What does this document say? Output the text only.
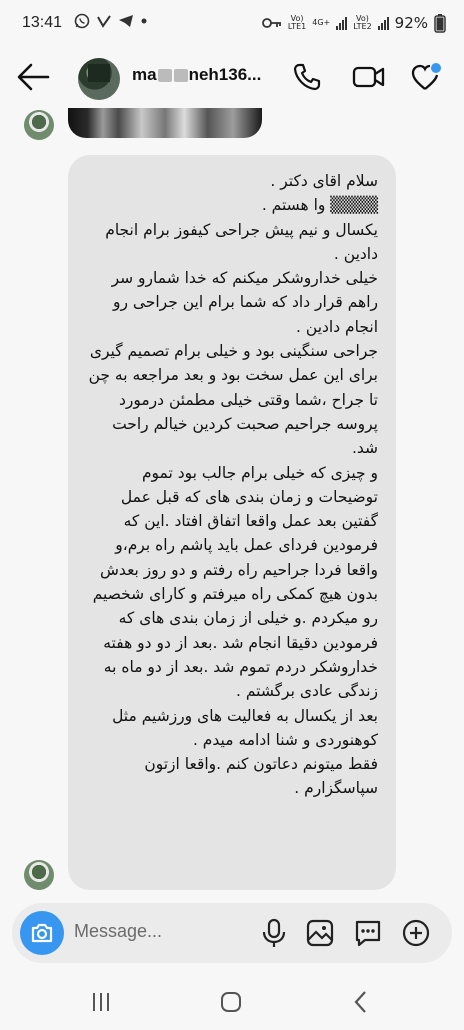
13:41	Vo)
LTE1 4G+	Vo)
LTE2 92%
ma neh136...
سلام اقای دکتر .
▒▒▒▒ وا هستم .
یکسال و نیم پیش جراحی کیفوز برام انجام دادین .
خیلی خداروشکر میکنم که خدا شمارو سر راهم قرار داد که شما برام این جراحی رو انجام دادین .
جراحی سنگینی بود و خیلی برام تصمیم گیری برای این عمل سخت بود و بعد مراجعه به چن تا جراح ،شما وقتی خیلی مطمئن درمورد پروسه جراحیم صحبت کردین خیالم راحت شد.
و چیزی که خیلی برام جالب بود تموم توضیحات و زمان بندی های که قبل عمل گفتین بعد عمل واقعا اتفاق افتاد .این که فرمودین فردای عمل باید پاشم راه برم،و واقعا فردا جراحیم راه رفتم و دو روز بعدش بدون هیچ کمکی راه میرفتم و کارای شخصیم رو میکردم .و خیلی از زمان بندی های که فرمودین دقیقا انجام شد .بعد از دو دو هفته خداروشکر دردم تموم شد .بعد از دو ماه به زندگی عادی برگشتم .
بعد از یکسال به فعالیت های ورزشیم مثل کوهنوردی و شنا ادامه میدم .
فقط میتونم دعاتون کنم .واقعا ازتون سپاسگزارم .
Message...
